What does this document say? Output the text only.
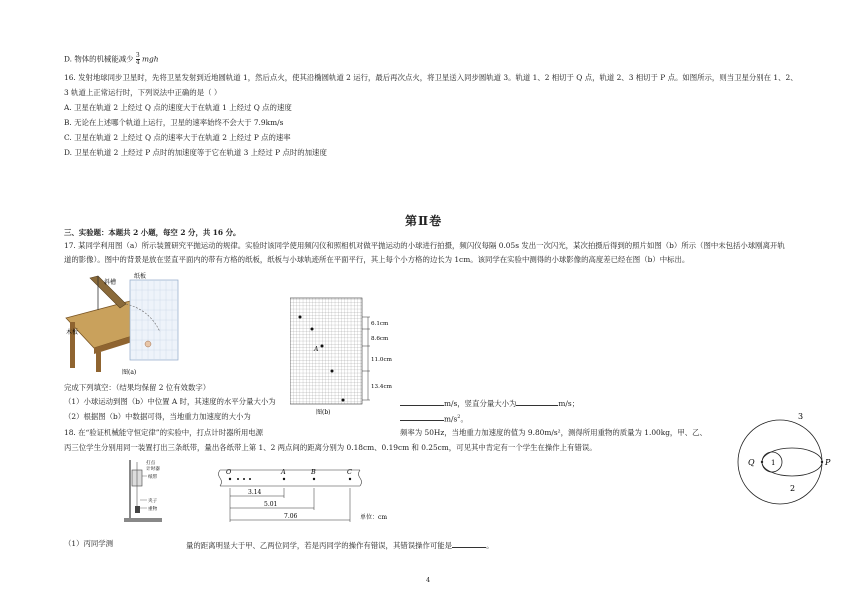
D. 物体的机械能减少 $\frac{3}{4}$ mgh
16. 发射地球同步卫星时，先将卫星发射到近地圆轨道 1，然后点火，使其沿椭圆轨道 2 运行，最后再次点火，将卫星送入同步圆轨道 3。轨道 1、2 相切于 Q 点，轨道 2、3 相切于 P 点。如图所示，则当卫星分别在 1、2、
3 轨道上正常运行时，下列说法中正确的是（ ）
A. 卫星在轨道 2 上经过 Q 点的速度大于在轨道 1 上经过 Q 点的速度
B. 无论在上述哪个轨道上运行，卫星的速率始终不会大于 7.9km/s
C. 卫星在轨道 2 上经过 Q 点的速率大于在轨道 2 上经过 P 点的速率
D. 卫星在轨道 2 上经过 P 点时的加速度等于它在轨道 3 上经过 P 点时的加速度
第Ⅱ卷
三、实验题：本题共 2 小题，每空 2 分，共 16 分。
17. 某同学利用图（a）所示装置研究平抛运动的规律。实验时该同学使用频闪仪和照相机对做平抛运动的小球进行拍摄，频闪仪每隔 0.05s 发出一次闪光，某次拍摄后得到的照片如图（b）所示（图中未包括小球刚离开轨
道的影像）。图中的背景是放在竖直平面内的带有方格的纸板，纸板与小球轨迹所在平面平行，其上每个小方格的边长为 1cm。该同学在实验中测得的小球影像的高度差已经在图（b）中标出。
斜槽
纸板
木板
图(a)
A
6.1cm
8.6cm
11.0cm
13.4cm
图(b)
完成下列填空：（结果均保留 2 位有效数字）
（1）小球运动到图（b）中位置 A 时，其速度的水平分量大小为	m/s，竖直分量大小为	m/s；
（2）根据图（b）中数据可得，当地重力加速度的大小为	$m/s^2$。
18. 在“验证机械能守恒定律”的实验中，打点计时器所用电源	频率为 50Hz，当地重力加速度的值为 9.80m/s²，测得所用重物的质量为 1.00kg，甲、乙、
丙三位学生分别用同一装置打出三条纸带，量出各纸带上第 1、2 两点间的距离分别为 0.18cm、0.19cm 和 0.25cm，可见其中肯定有一个学生在操作上有错误。
打点
计时器
纸带
夹子
重物
O	A	B	C
3.14
5.01
7.06	单位：cm
（1）丙同学测	量的距离明显大于甲、乙两位同学，若是丙同学的操作有错误，其错误操作可能是	。
3
Q 1	P
2
4
